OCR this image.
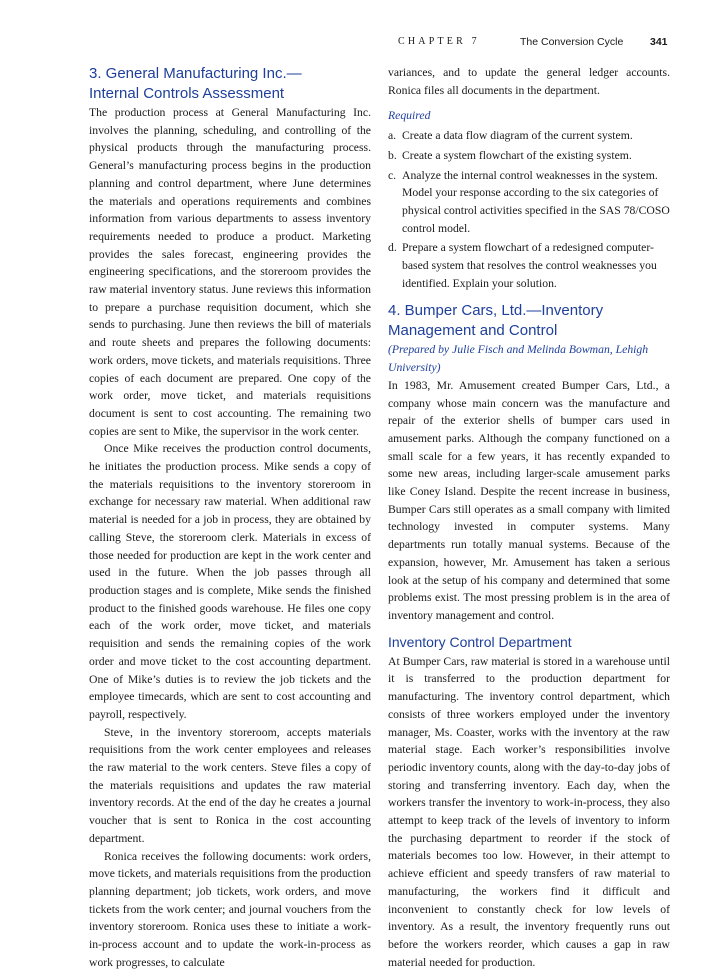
CHAPTER 7	The Conversion Cycle	341
3. General Manufacturing Inc.—
Internal Controls Assessment

The production process at General Manufacturing Inc. involves the planning, scheduling, and controlling of the physical products through the manufacturing process. General’s manufacturing process begins in the production planning and control department, where June determines the materials and operations requirements and combines information from various departments to assess inventory requirements needed to produce a product. Marketing provides the sales forecast, engineering provides the engineering specifications, and the storeroom provides the raw material inventory status. June reviews this information to prepare a purchase requisition document, which she sends to purchasing. June then reviews the bill of materials and route sheets and prepares the following documents: work orders, move tickets, and materials requisitions. Three copies of each document are prepared. One copy of the work order, move ticket, and materials requisitions document is sent to cost accounting. The remaining two copies are sent to Mike, the supervisor in the work center.

Once Mike receives the production control documents, he initiates the production process. Mike sends a copy of the materials requisitions to the inventory storeroom in exchange for necessary raw material. When additional raw material is needed for a job in process, they are obtained by calling Steve, the storeroom clerk. Materials in excess of those needed for production are kept in the work center and used in the future. When the job passes through all production stages and is complete, Mike sends the finished product to the finished goods warehouse. He files one copy each of the work order, move ticket, and materials requisition and sends the remaining copies of the work order and move ticket to the cost accounting department. One of Mike’s duties is to review the job tickets and the employee timecards, which are sent to cost accounting and payroll, respectively.

Steve, in the inventory storeroom, accepts materials requisitions from the work center employees and releases the raw material to the work centers. Steve files a copy of the materials requisitions and updates the raw material inventory records. At the end of the day he creates a journal voucher that is sent to Ronica in the cost accounting department.

Ronica receives the following documents: work orders, move tickets, and materials requisitions from the production planning department; job tickets, work orders, and move tickets from the work center; and journal vouchers from the inventory storeroom. Ronica uses these to initiate a work-in-process account and to update the work-in-process as work progresses, to calculate

variances, and to update the general ledger accounts. Ronica files all documents in the department.

Required

a. Create a data flow diagram of the current system.
b. Create a system flowchart of the existing system.
c. Analyze the internal control weaknesses in the system. Model your response according to the six categories of physical control activities specified in the SAS 78/COSO control model.
d. Prepare a system flowchart of a redesigned computer-based system that resolves the control weaknesses you identified. Explain your solution.
4. Bumper Cars, Ltd.—Inventory
Management and Control

(Prepared by Julie Fisch and Melinda Bowman, Lehigh University)

In 1983, Mr. Amusement created Bumper Cars, Ltd., a company whose main concern was the manufacture and repair of the exterior shells of bumper cars used in amusement parks. Although the company functioned on a small scale for a few years, it has recently expanded to some new areas, including larger-scale amusement parks like Coney Island. Despite the recent increase in business, Bumper Cars still operates as a small company with limited technology invested in computer systems. Many departments run totally manual systems. Because of the expansion, however, Mr. Amusement has taken a serious look at the setup of his company and determined that some problems exist. The most pressing problem is in the area of inventory management and control.

Inventory Control Department

At Bumper Cars, raw material is stored in a warehouse until it is transferred to the production department for manufacturing. The inventory control department, which consists of three workers employed under the inventory manager, Ms. Coaster, works with the inventory at the raw material stage. Each worker’s responsibilities involve periodic inventory counts, along with the day-to-day jobs of storing and transferring inventory. Each day, when the workers transfer the inventory to work-in-process, they also attempt to keep track of the levels of inventory to inform the purchasing department to reorder if the stock of materials becomes too low. However, in their attempt to achieve efficient and speedy transfers of raw material to manufacturing, the workers find it difficult and inconvenient to constantly check for low levels of inventory. As a result, the inventory frequently runs out before the workers reorder, which causes a gap in raw material needed for production.
